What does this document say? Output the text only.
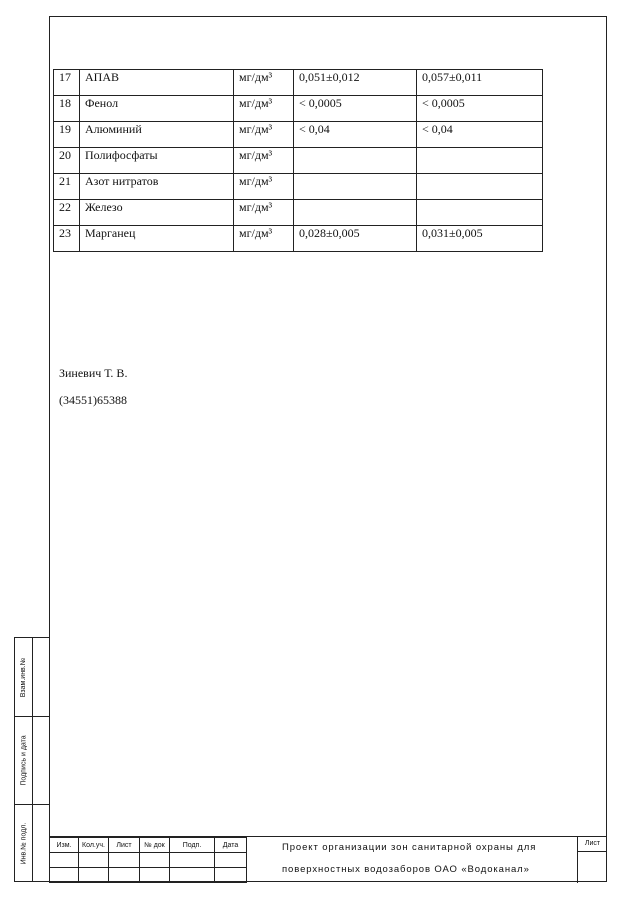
17	АПАВ	мг/дм³	0,051±0,012	0,057±0,011
18	Фенол	мг/дм³	< 0,0005	< 0,0005
19	Алюминий	мг/дм³	< 0,04	< 0,04
20	Полифосфаты	мг/дм³		
21	Азот нитратов	мг/дм³		
22	Железо	мг/дм³		
23	Марганец	мг/дм³	0,028±0,005	0,031±0,005
Зиневич Т. В.
(34551)65388
Взам.инв.№
Подпись и дата
Инв.№ подл.	Изм.	Кол.уч.	Лист	№ док	Подп.	Дата

						Проект организации зон санитарной охраны для
поверхностных водозаборов ОАО «Водоканал»
Лист
